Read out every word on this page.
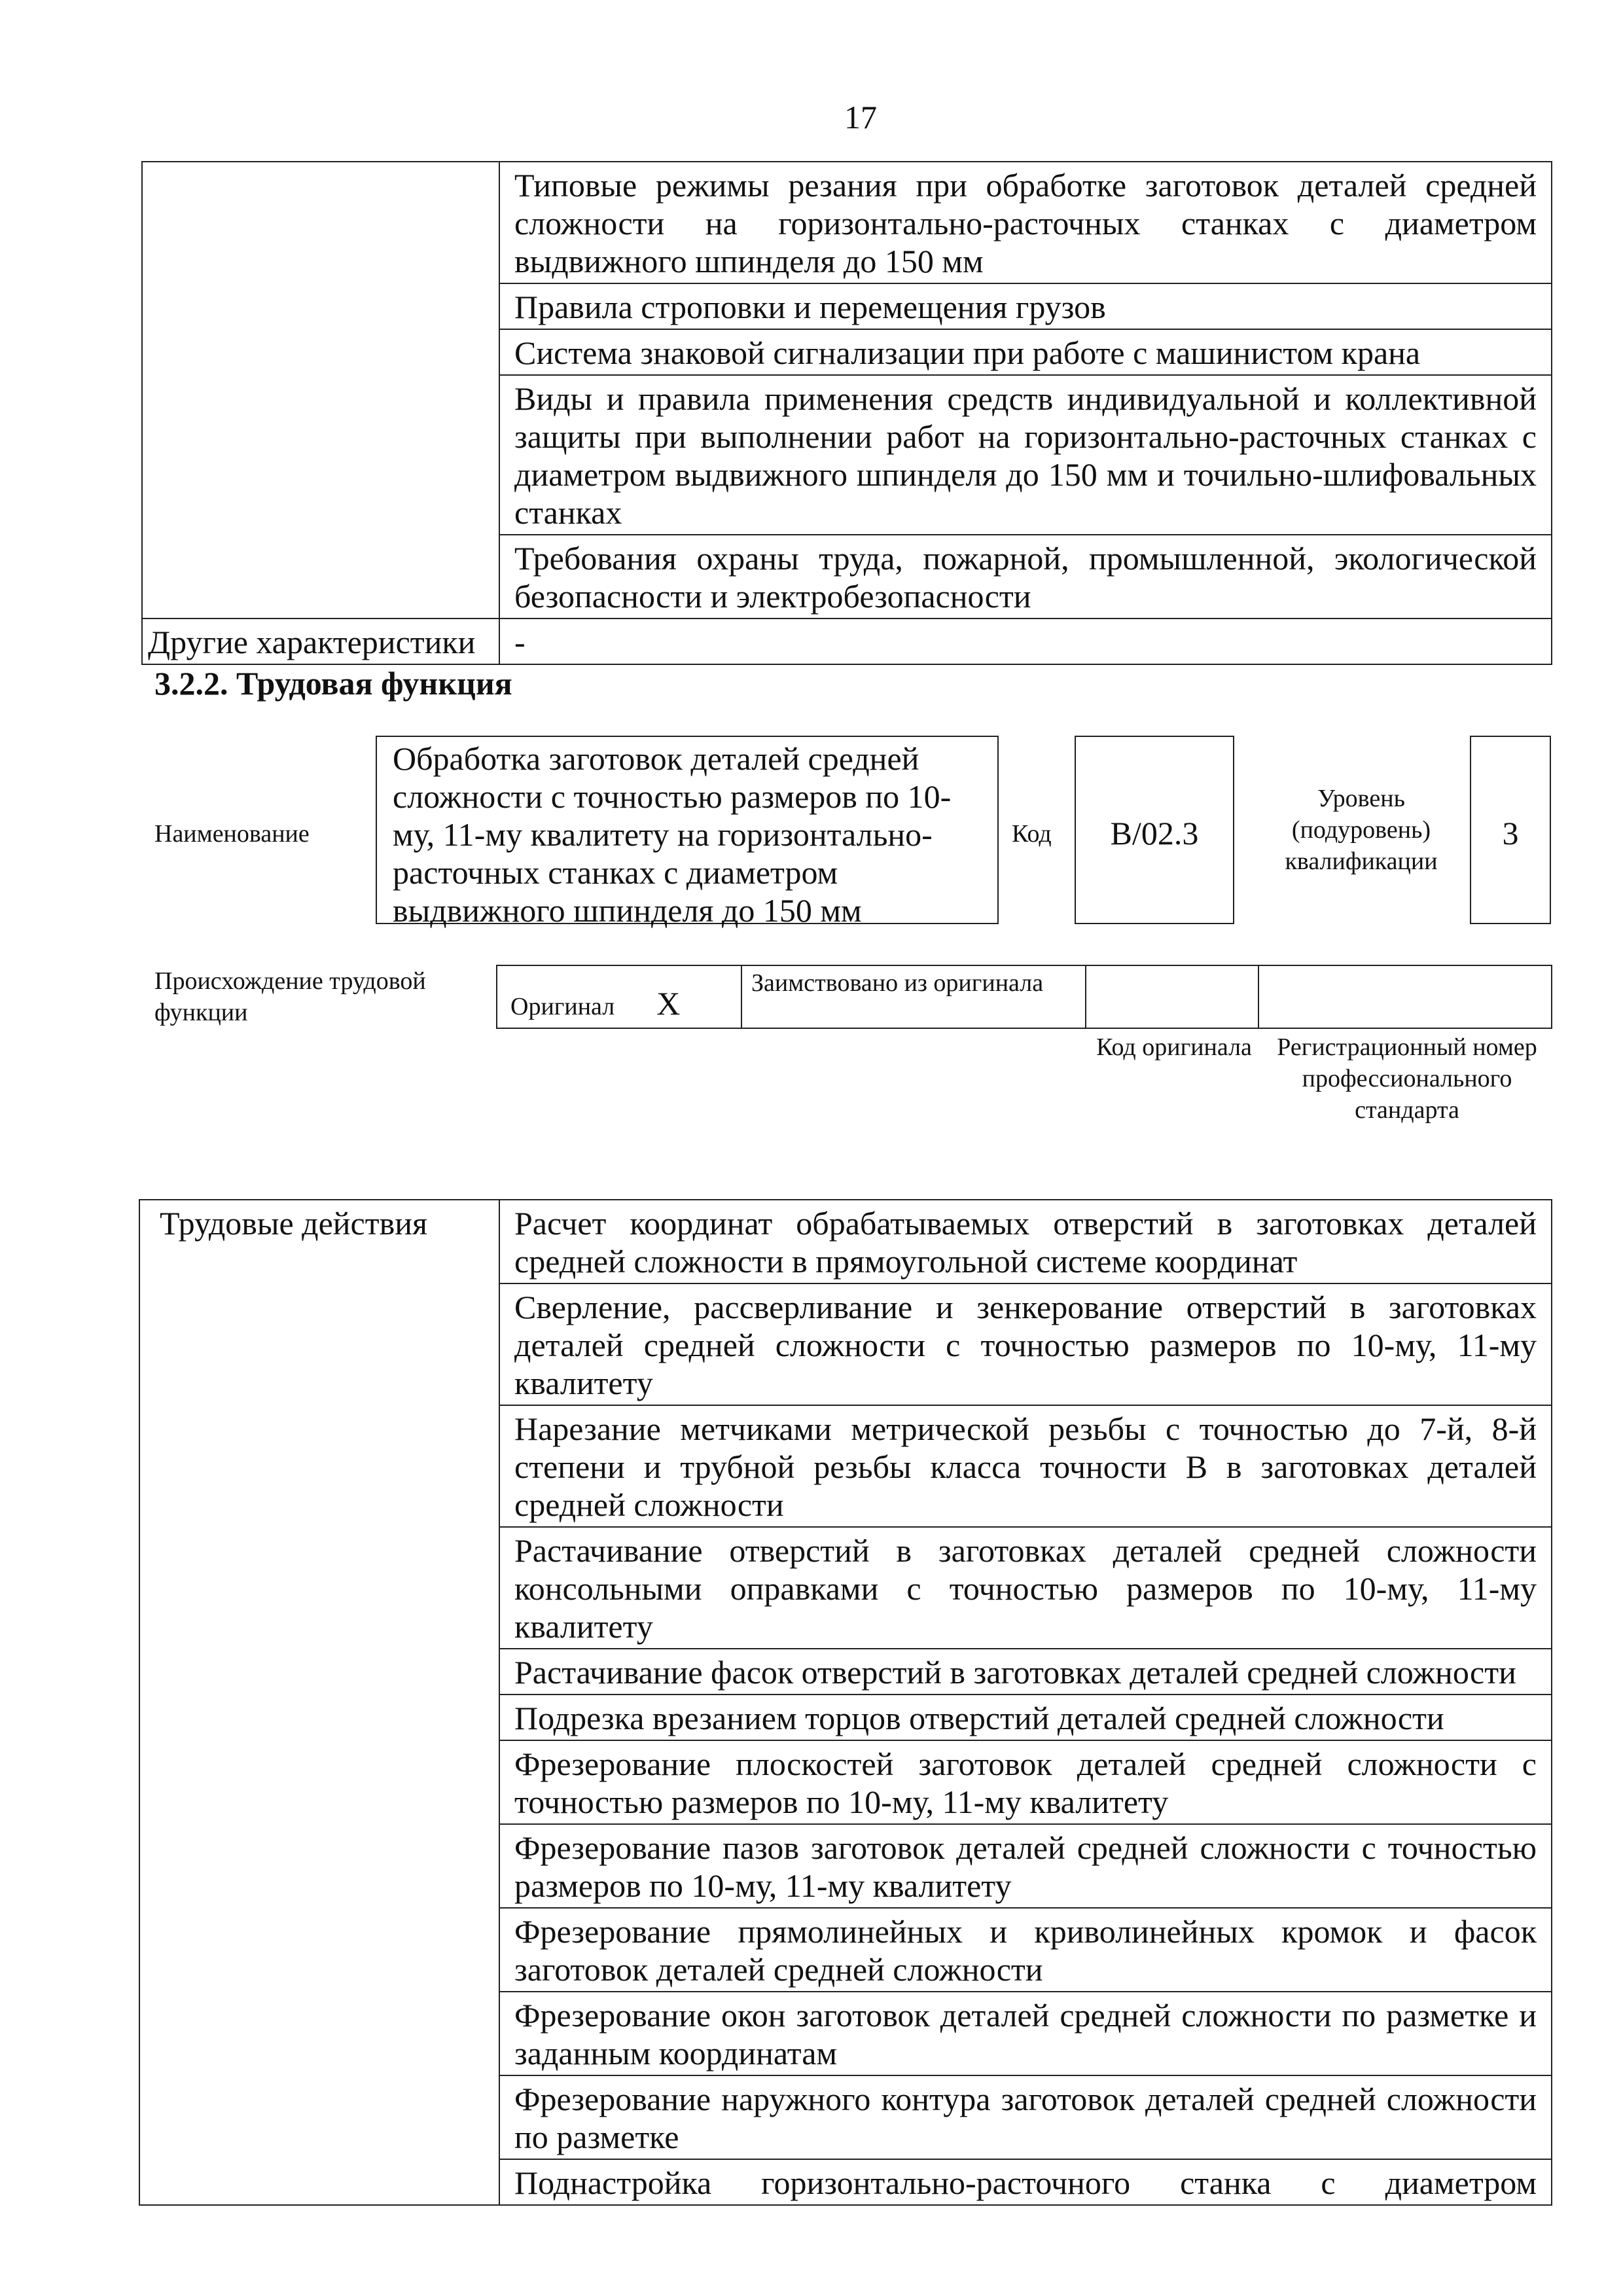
17
	Типовые режимы резания при обработке заготовок деталей средней сложности на горизонтально-расточных станках с диаметром выдвижного шпинделя до 150 мм
	Правила строповки и перемещения грузов
	Система знаковой сигнализации при работе с машинистом крана
	Виды и правила применения средств индивидуальной и коллективной защиты при выполнении работ на горизонтально-расточных станках с диаметром выдвижного шпинделя до 150 мм и точильно-шлифовальных станках
	Требования охраны труда, пожарной, промышленной, экологической безопасности и электробезопасности
Другие характеристики	-
3.2.2. Трудовая функция
Наименование
Обработка заготовок деталей средней сложности с точностью размеров по 10-му, 11-му квалитету на горизонтально-расточных станках с диаметром выдвижного шпинделя до 150 мм
Код	B/02.3
Уровень (подуровень) квалификации
3
Происхождение трудовой функции	Оригинал X	Заимствовано из оригинала		
Код оригинала	Регистрационный номер профессионального стандарта
Трудовые действия	Расчет координат обрабатываемых отверстий в заготовках деталей средней сложности в прямоугольной системе координат
Сверление, рассверливание и зенкерование отверстий в заготовках деталей средней сложности с точностью размеров по 10-му, 11-му квалитету
Нарезание метчиками метрической резьбы с точностью до 7-й, 8-й степени и трубной резьбы класса точности B в заготовках деталей средней сложности
Растачивание отверстий в заготовках деталей средней сложности консольными оправками с точностью размеров по 10-му, 11-му квалитету
Растачивание фасок отверстий в заготовках деталей средней сложности
Подрезка врезанием торцов отверстий деталей средней сложности
Фрезерование плоскостей заготовок деталей средней сложности с точностью размеров по 10-му, 11-му квалитету
Фрезерование пазов заготовок деталей средней сложности с точностью размеров по 10-му, 11-му квалитету
Фрезерование прямолинейных и криволинейных кромок и фасок заготовок деталей средней сложности
Фрезерование окон заготовок деталей средней сложности по разметке и заданным координатам
Фрезерование наружного контура заготовок деталей средней сложности по разметке
Поднастройка горизонтально-расточного станка с диаметром
